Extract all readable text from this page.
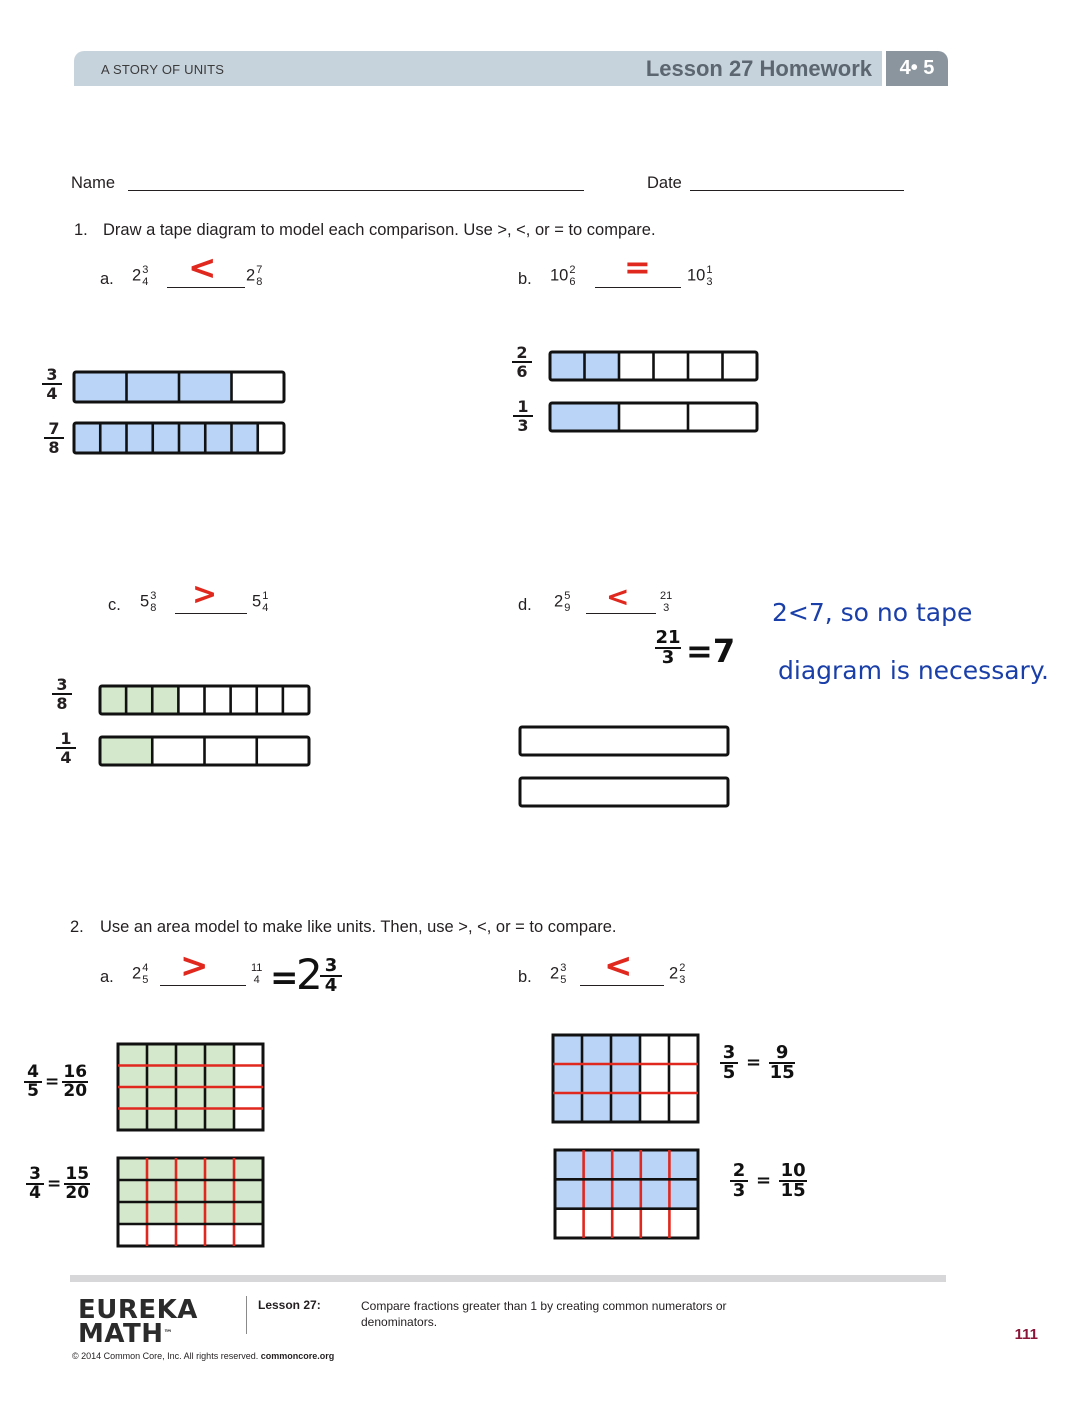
A STORY OF UNITS	Lesson 27 Homework	4• 5
Name	Date
1. Draw a tape diagram to model each comparison. Use >, <, or = to compare.
a. 2 3
4	2 7
8
<	b. 10 2
6	10 1
3
=
c. 5 3
8	5 1
4
>	d. 2 5
9
21
3
<
$\frac{21}{3} =7$
2<7, so no tape
diagram is necessary.
3
4
7
8
2
6
1
3
3
8
1
4
2. Use an area model to make like units. Then, use >, <, or = to compare.
a. 2 4
5
11
4
> =
2 3
4	b. 2 3
5	2 2
3
<
$\frac{4}{5} = \frac{16}{20}$
$\frac{3}{4} = \frac{15}{20}$
$\frac{3}{5} = \frac{9}{15}$
$\frac{2}{3} = \frac{10}{15}$
EUREKA
MATH™
Lesson 27:	Compare fractions greater than 1 by creating common numerators or denominators.
© 2014 Common Core, Inc. All rights reserved. commoncore.org
111
